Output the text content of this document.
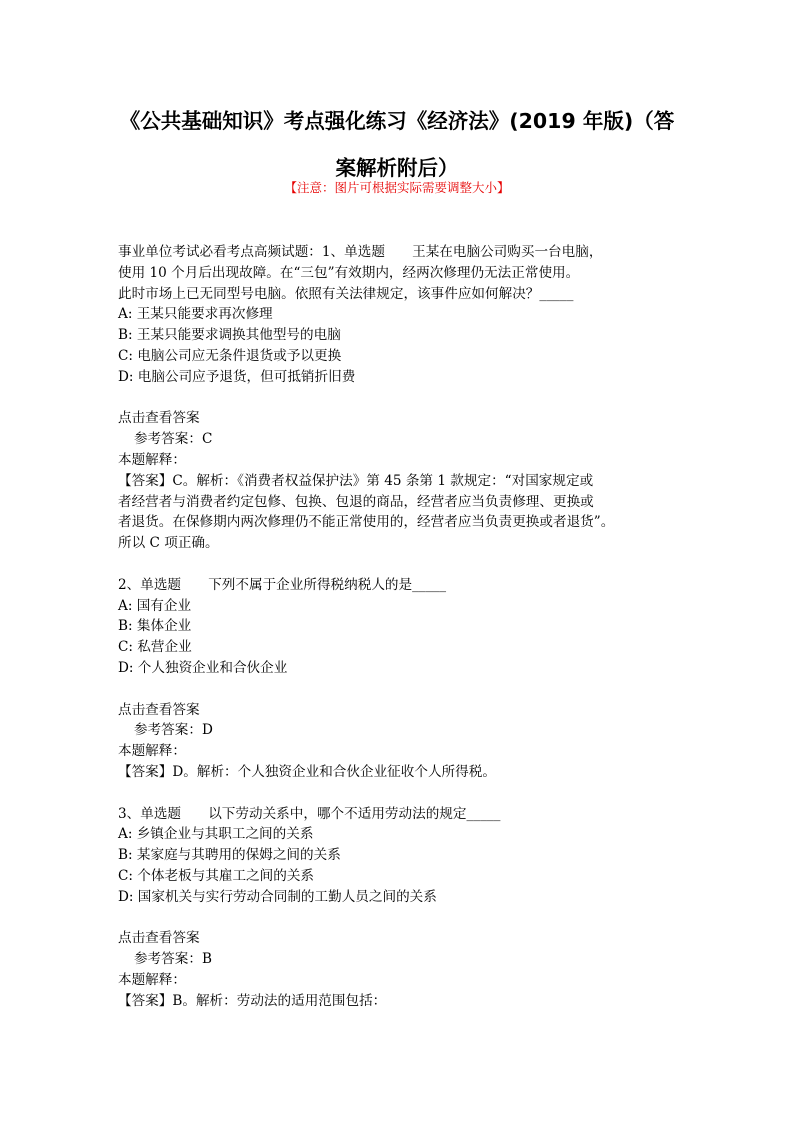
《公共基础知识》考点强化练习《经济法》(2019 年版)（答
案解析附后）
【注意：图片可根据实际需要调整大小】
事业单位考试必看考点高频试题：1、单选题　　王某在电脑公司购买一台电脑，
使用 10 个月后出现故障。在“三包”有效期内，经两次修理仍无法正常使用。
此时市场上已无同型号电脑。依照有关法律规定，该事件应如何解决？_____
A: 王某只能要求再次修理
B: 王某只能要求调换其他型号的电脑
C: 电脑公司应无条件退货或予以更换
D: 电脑公司应予退货，但可抵销折旧费
点击查看答案
参考答案：C
本题解释：
【答案】C。解析：《消费者权益保护法》第 45 条第 1 款规定：“对国家规定或
者经营者与消费者约定包修、包换、包退的商品，经营者应当负责修理、更换或
者退货。在保修期内两次修理仍不能正常使用的，经营者应当负责更换或者退货”。
所以 C 项正确。
2、单选题　　下列不属于企业所得税纳税人的是_____
A: 国有企业
B: 集体企业
C: 私营企业
D: 个人独资企业和合伙企业
点击查看答案
参考答案：D
本题解释：
【答案】D。解析：个人独资企业和合伙企业征收个人所得税。
3、单选题　　以下劳动关系中，哪个不适用劳动法的规定_____
A: 乡镇企业与其职工之间的关系
B: 某家庭与其聘用的保姆之间的关系
C: 个体老板与其雇工之间的关系
D: 国家机关与实行劳动合同制的工勤人员之间的关系
点击查看答案
参考答案：B
本题解释：
【答案】B。解析：劳动法的适用范围包括：
